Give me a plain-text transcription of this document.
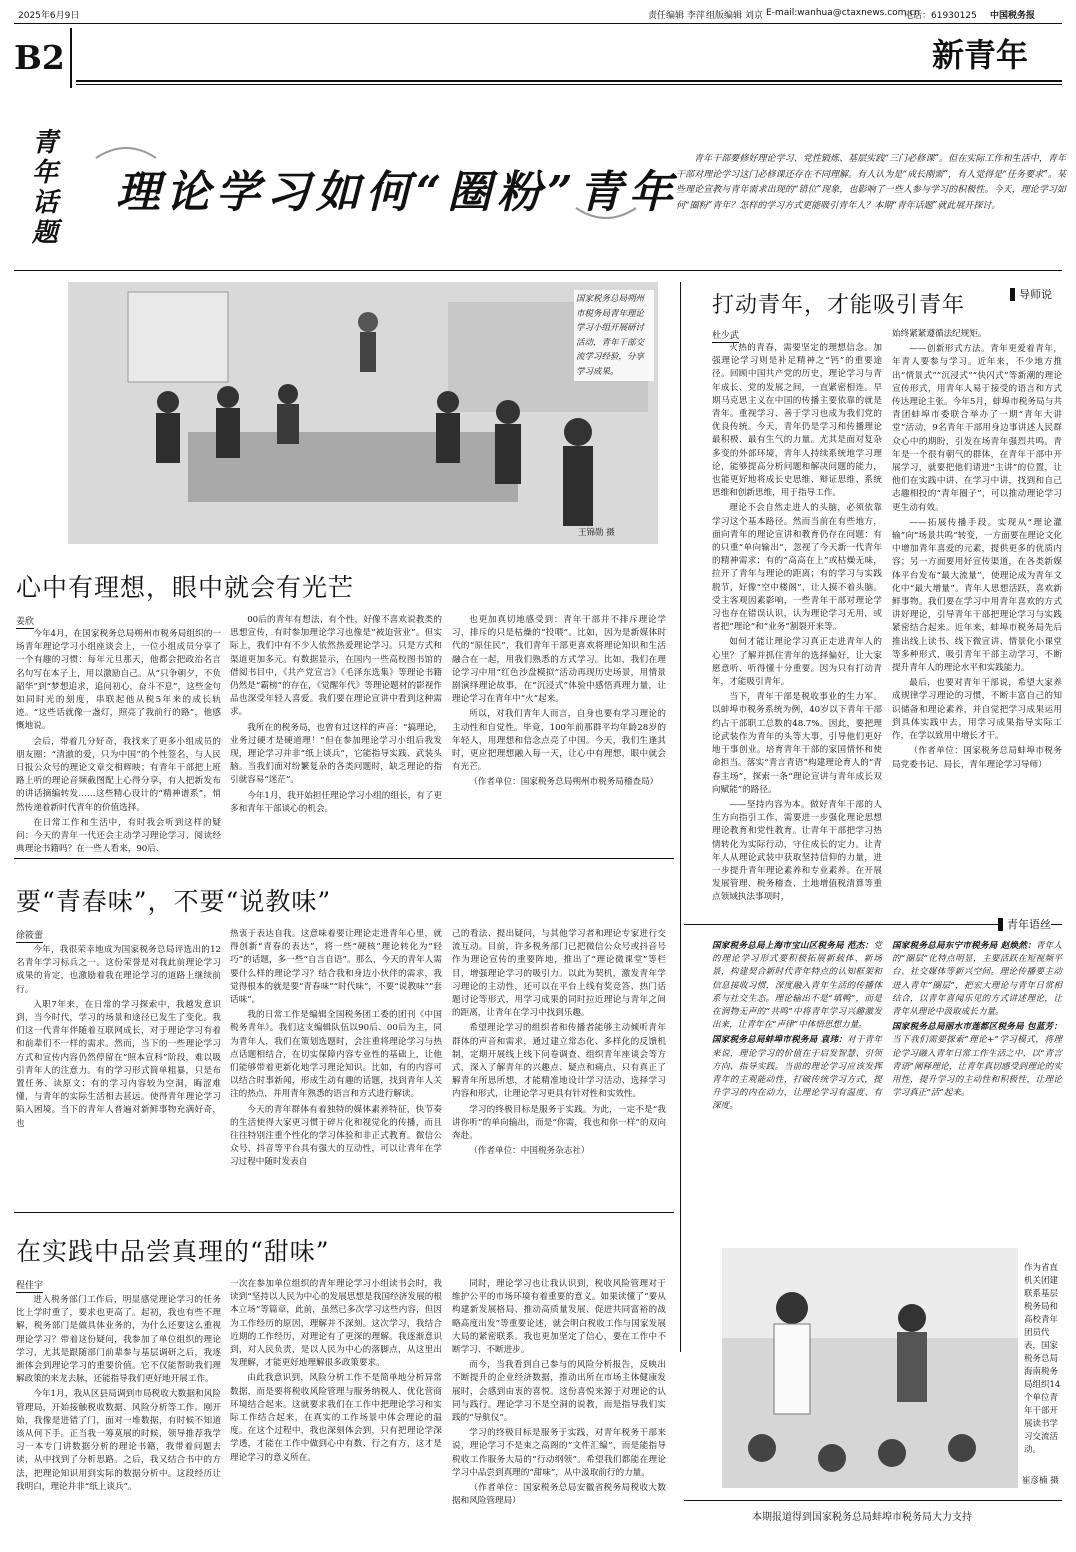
2025年6月9日	责任编辑 李萍 组版编辑 刘京 E-mail:wanhua@ctaxnews.com.cn
电话：61930125 中国税务报
B2	新青年
青年话题
理论学习如何“圈粉”青年
青年干部要修好理论学习、党性锻炼、基层实践“三门必修课”。但在实际工作和生活中，青年干部对理论学习这门必修课还存在不同理解。有人认为是“成长刚需”，有人觉得是“任务要求”。某些理论宣教与青年需求出现的“错位”现象，也影响了一些人参与学习的积极性。今天，理论学习如何“圈粉”青年？怎样的学习方式更能吸引青年人？本期“青年话题”就此展开探讨。
国家税务总局朔州市税务局青年理论学习小组开展研讨活动，青年干部交流学习经验，分享学习成果。
王锦勋 摄
心中有理想，眼中就会有光芒
姜欣

今年4月，在国家税务总局朔州市税务局组织的一场青年理论学习小组座谈会上，一位小组成员分享了一个有趣的习惯：每年元旦那天，他都会把政治名言名句写在本子上，用以激励自己。从“只争朝夕，不负韶华”到“梦想追求，追问初心，奋斗不息”，这些金句如同时光的刻度，串联起他从税5年来的成长轨迹。“这些话就像一盏灯，照亮了我前行的路”，他感慨地说。

会后，带着几分好奇，我找来了更多小组成员的朋友圈：“清澈的爱，只为中国”的个性签名，与人民日报公众号的理论文章交相辉映；有青年干部把上班路上听的理论音频截图配上心得分享，有人把新发布的讲话摘编转发……这些精心设计的“精神谱系”，悄然传递着新时代青年的价值选择。

在日常工作和生活中，有时我会听到这样的疑问：今天的青年一代还会主动学习理论学习、阅读经典理论书籍吗？在一些人看来，90后、

00后的青年有想法、有个性，好像不喜欢说教类的思想宣传，有时参加理论学习也像是“被迫营业”。但实际上，我们中有不少人依然热爱理论学习。只是方式和渠道更加多元。有数据显示，在国内一些高校图书馆的借阅书目中，《共产党宣言》《毛泽东选集》等理论书籍仍然是“霸榜”的存在，《觉醒年代》等理论题材的影视作品也深受年轻人喜爱。我们要在理论宣讲中看到这种需求。

我所在的税务局，也曾有过这样的声音：“搞理论，业务过硬才是硬道理！”但在参加理论学习小组后我发现，理论学习并非“纸上谈兵”，它能指导实践、武装头脑。当我们面对纷繁复杂的各类问题时，缺乏理论的指引就容易“迷茫”。

今年1月，我开始担任理论学习小组的组长，有了更多和青年干部谈心的机会。

也更加真切地感受到：青年干部并不排斥理论学习，排斥的只是枯燥的“投喂”。比如，因为是新媒体时代的“原住民”，我们青年干部更喜欢将理论知识和生活融合在一起，用我们熟悉的方式学习。比如，我们在理论学习中用“红色沙盘模拟”活动再现历史场景，用情景剧演绎理论故事，在“沉浸式”体验中感悟真理力量，让理论学习在青年中“火”起来。

所以，对我们青年人而言，自身也要有学习理论的主动性和自觉性。毕竟，100年前那群平均年龄28岁的年轻人，用理想和信念点亮了中国。今天，我们生逢其时，更应把理想融入每一天，让心中有理想，眼中就会有光芒。

（作者单位：国家税务总局朔州市税务局稽查局）

导师说
打动青年，才能吸引青年
杜少武

火热的青春，需要坚定的理想信念。加强理论学习则是补足精神之“钙”的重要途径。回顾中国共产党的历史，理论学习与青年成长、党的发展之间，一直紧密相连。早期马克思主义在中国的传播主要依靠的就是青年。重视学习、善于学习也成为我们党的优良传统。今天，青年仍是学习和传播理论最积极、最有生气的力量。尤其是面对复杂多变的外部环境，青年人持续系统地学习理论，能够提高分析问题和解决问题的能力，也能更好地将成长史思维、辩证思维、系统思维和创新思维，用于指导工作。

理论不会自然走进人的头脑，必须依靠学习这个基本路径。然而当前在有些地方，面向青年的理论宣讲和教育仍存在问题：有的只重“单向输出”，忽视了今天新一代青年的精神需求；有的“高高在上”或枯燥无味，拉开了青年与理论的距离；有的学习与实践脱节，好像“空中楼阁”，让人摸不着头脑。受主客观因素影响，一些青年干部对理论学习也存在错误认识，认为理论学习无用，或者把“理论”和“业务”割裂开来等。

如何才能让理论学习真正走进青年人的心里？了解并抓住青年的选择偏好，让大家愿意听、听得懂十分重要。因为只有打动青年，才能吸引青年。

当下，青年干部是税收事业的生力军。以蚌埠市税务系统为例，40岁以下青年干部约占干部职工总数的48.7%。因此，要把理论武装作为青年的头等大事，引导他们更好地干事创业。培育青年干部的家国情怀和使命担当。落实“青言青语”构建理论育人的“青春主场”，探索一条“理论宣讲与青年成长双向赋能”的路径。

——坚持内容为本。做好青年干部的人生方向指引工作，需要进一步强化理论思想理论教育和党性教育。让青年干部把学习热情转化为实际行动，守住成长的定力。让青年人从理论武装中获取坚持信仰的力量，进一步提升青年理论素养和专业素养。在开展发展管理、税务稽查、土地增值税清算等重点领域执法事项时，

始终紧紧遵循法纪规矩。

——创新形式方法。青年更爱着青年，年青人要参与学习。近年来，不少地方推出“情景式”“沉浸式”“快闪式”等新潮的理论宣传形式，用青年人易于接受的语言和方式传达理论主张。今年5月，蚌埠市税务局与共青团蚌埠市委联合举办了一期“青年大讲堂”活动，9名青年干部用身边事讲述人民群众心中的期盼，引发在场青年强烈共鸣。青年是一个很有朝气的群体，在青年干部中开展学习，就要把他们请进“主讲”的位置，让他们在实践中讲、在学习中讲，找到和自己志趣相投的“青年圈子”，可以推动理论学习更生动有效。

——拓展传播手段。实现从“理论灌输”向“场景共鸣”转变，一方面要在理论文化中增加青年喜爱的元素，提供更多的优质内容；另一方面要用好宣传渠道，在各类新媒体平台发布“最大流量”，使理论成为青年文化中“最大增量”。青年人思想活跃，喜欢新鲜事物。我们要在学习中用青年喜欢的方式讲好理论，引导青年干部把理论学习与实践紧密结合起来。近年来，蚌埠市税务局先后推出线上读书、线下微宣讲、情景化小课堂等多种形式，吸引青年干部主动学习，不断提升青年人的理论水平和实践能力。

最后，也要对青年干部说，希望大家养成规律学习理论的习惯，不断丰富自己的知识储备和理论素养，并自觉把学习成果运用到具体实践中去，用学习成果指导实际工作，在学以致用中增长才干。

（作者单位：国家税务总局蚌埠市税务局党委书记、局长，青年理论学习导师）

要“青春味”，不要“说教味”
徐筱蕾

今年，我很荣幸地成为国家税务总局评选出的12名青年学习标兵之一。这份荣誉是对我此前理论学习成果的肯定，也激励着我在理论学习的道路上继续前行。

入职7年来，在日常的学习探索中，我越发意识到，当今时代，学习的场景和途径已发生了变化。我们这一代青年伴随着互联网成长，对于理论学习有着和前辈们不一样的需求。然而，当下的一些理论学习方式和宣传内容仍然停留在“照本宣科”阶段，难以吸引青年人的注意力。有的学习形式简单粗暴，只是布置任务、读原文；有的学习内容较为空洞，晦涩难懂，与青年的实际生活相去甚远。使得青年理论学习陷入困境。当下的青年人普遍对新鲜事物充满好奇，也

热衷于表达自我。这意味着要让理论走进青年心里，就得创新“青春的表达”，将一些“硬核”理论转化为“轻巧”的话题，多一些“自言自语”。那么，今天的青年人需要什么样的理论学习？结合我和身边小伙伴的需求，我觉得根本的就是要“青春味”“时代味”，不要“说教味”“套话味”。

我的日常工作是编辑全国税务团工委的团刊《中国税务青年》。我们这支编辑队伍以90后、00后为主，同为青年人，我们在策划选题时，会注重将理论学习与热点话题相结合，在切实保障内容专业性的基础上，让他们能够带着更新化地学习理论知识。比如，有的内容可以结合时事新闻，形成生动有趣的话题，找到青年人关注的热点，并用青年熟悉的语言和方式进行解读。

今天的青年群体有着独特的媒体素养特征，快节奏的生活使得大家更习惯于碎片化和视觉化的传播，而且往往特别注重个性化的学习体验和非正式教育。微信公众号、抖音等平台具有强大的互动性，可以让青年在学习过程中随时发表自

己的看法、提出疑问，与其他学习者和理论专家进行交流互动。目前，许多税务部门已把微信公众号或抖音号作为理论宣传的重要阵地，推出了“理论微课堂”等栏目，增强理论学习的吸引力。以此为契机，激发青年学习理论的主动性，还可以在平台上线有奖竞答、热门话题讨论等形式，用学习成果的同时拉近理论与青年之间的距离，让青年在学习中找到乐趣。

希望理论学习的组织者和传播者能够主动倾听青年群体的声音和需求，通过建立常态化、多样化的反馈机制，定期开展线上线下问卷调查、组织青年座谈会等方式，深入了解青年的兴趣点、疑点和痛点，只有真正了解青年所思所想，才能精准地设计学习活动、选择学习内容和形式，让理论学习更具有针对性和实效性。

学习的终极目标是服务于实践。为此，一定不是“我讲你听”的单向输出，而是“你需，我也和你一样”的双向奔赴。

（作者单位：中国税务杂志社）

青年语丝

国家税务总局上海市宝山区税务局 范杰：党的理论学习形式要积极拓展新载体、新场景，构建契合新时代青年特点的认知框架和信息接收习惯，深度融入青年生活的传播体系与社交生态。理论输出不是“填鸭”，而是在润物无声的“共鸣”中将青年学习兴趣激发出来，让青年在“声律”中体悟思想力量。

国家税务总局蚌埠市税务局 袁玮：对于青年来说，理论学习的价值在于启发智慧、引领方向、指导实践。当前的理论学习应该发挥青年的主观能动性，打破传统学习方式，提升学习的内在动力，让理论学习有温度、有深度。

国家税务总局东宁市税务局 赵焕然：青年人的“圈层”化特点明显，主要活跃在短视频平台、社交媒体等新兴空间。理论传播要主动进入青年“圈层”，把宏大理论与青年日常相结合，以青年喜闻乐见的方式讲述理论，让青年从理论中汲取成长力量。

国家税务总局丽水市莲都区税务局 包蓝芳：当下我们需要探索“理论+”学习模式，将理论学习融入青年日常工作生活之中，以“青言青语”阐释理论，让青年真切感受到理论的实用性，提升学习的主动性和积极性，让理论学习真正“活”起来。

在实践中品尝真理的“甜味”
程佳宇

进入税务部门工作后，明显感觉理论学习的任务比上学时重了，要求也更高了。起初，我也有些不理解，税务部门是做具体业务的，为什么还要这么重视理论学习？带着这份疑问，我参加了单位组织的理论学习，尤其是跟随部门前辈参与基层调研之后，我逐渐体会到理论学习的重要价值。它不仅能帮助我们理解政策的来龙去脉，还能指导我们更好地开展工作。

今年1月，我从区县局调到市局税收大数据和风险管理局，开始接触税收数据、风险分析等工作。刚开始，我像是进错了门，面对一堆数据，有时候不知道该从何下手。正当我一筹莫展的时候，领导推荐我学习一本专门讲数据分析的理论书籍，我带着问题去读，从中找到了分析思路。之后，我又结合书中的方法，把理论知识用到实际的数据分析中。这段经历让我明白，理论并非“纸上谈兵”。

一次在参加单位组织的青年理论学习小组读书会时，我读到“坚持以人民为中心的发展思想是我国经济发展的根本立场”等篇章，此前，虽然已多次学习这些内容，但因为工作经历的原因，理解并不深刻。这次学习，我结合近期的工作经历，对理论有了更深的理解。我逐渐意识到，对人民负责，是以人民为中心的落脚点，从这里出发理解，才能更好地理解很多政策要求。

由此我意识到，风险分析工作不是简单地分析异常数据，而是要将税收风险管理与服务纳税人、优化营商环境结合起来。这就要求我们在工作中把理论学习和实际工作结合起来，在真实的工作场景中体会理论的温度。在这个过程中，我也深刻体会到，只有把理论学深学透，才能在工作中做到心中有数、行之有方，这才是理论学习的意义所在。

同时，理论学习也让我认识到，税收风险管理对于维护公平的市场环境有着重要的意义。如果读懂了“要从构建新发展格局、推动高质量发展、促进共同富裕的战略高度出发”等重要论述，就会明白税收工作与国家发展大局的紧密联系。我也更加坚定了信心，要在工作中不断学习、不断进步。

而今，当我看到自己参与的风险分析报告，反映出不断提升的企业经济数据，推动出所在市场主体健康发展时，会感到由衷的喜悦。这份喜悦来源于对理论的认同与践行。理论学习不是空洞的说教，而是指导我们实践的“导航仪”。

学习的终极目标是服务于实践，对青年税务干部来说，理论学习不是束之高阁的“文件汇编”，而是能指导税收工作服务大局的“行动纲领”。希望我们都能在理论学习中品尝到真理的“甜味”，从中汲取前行的力量。

（作者单位：国家税务总局安徽省税务局税收大数据和风险管理局）

作为省直机关团建联系基层税务局和高校青年团员代表，国家税务总局海南税务局组织14个单位青年干部开展读书学习交流活动。
崔彦楠 摄
本期报道得到国家税务总局蚌埠市税务局大力支持
